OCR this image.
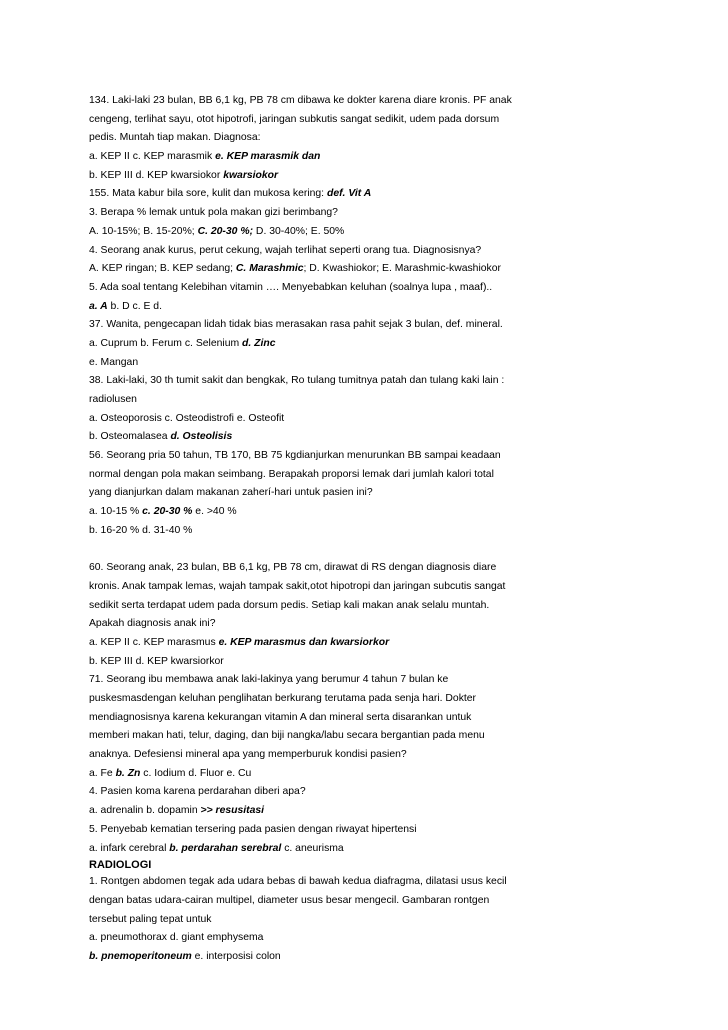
134. Laki-laki 23 bulan, BB 6,1 kg, PB 78 cm dibawa ke dokter karena diare kronis. PF anak
cengeng, terlihat sayu, otot hipotrofi, jaringan subkutis sangat sedikit, udem pada dorsum
pedis. Muntah tiap makan. Diagnosa:
a. KEP II c. KEP marasmik e. KEP marasmik dan
b. KEP III d. KEP kwarsiokor kwarsiokor
155. Mata kabur bila sore, kulit dan mukosa kering: def. Vit A
3. Berapa % lemak untuk pola makan gizi berimbang?
A. 10-15%; B. 15-20%; C. 20-30 %; D. 30-40%; E. 50%
4. Seorang anak kurus, perut cekung, wajah terlihat seperti orang tua. Diagnosisnya?
A. KEP ringan; B. KEP sedang; C. Marashmic; D. Kwashiokor; E. Marashmic-kwashiokor
5. Ada soal tentang Kelebihan vitamin …. Menyebabkan keluhan (soalnya lupa , maaf)..
a. A b. D c. E d.
37. Wanita, pengecapan lidah tidak bias merasakan rasa pahit sejak 3 bulan, def. mineral.
a. Cuprum b. Ferum c. Selenium d. Zinc
e. Mangan
38. Laki-laki, 30 th tumit sakit dan bengkak, Ro tulang tumitnya patah dan tulang kaki lain :
radiolusen
a. Osteoporosis c. Osteodistrofi e. Osteofit
b. Osteomalasea d. Osteolisis
56. Seorang pria 50 tahun, TB 170, BB 75 kgdianjurkan menurunkan BB sampai keadaan
normal dengan pola makan seimbang. Berapakah proporsi lemak dari jumlah kalori total
yang dianjurkan dalam makanan zaherí-hari untuk pasien ini?
a. 10-15 % c. 20-30 % e. >40 %
b. 16-20 % d. 31-40 %
60. Seorang anak, 23 bulan, BB 6,1 kg, PB 78 cm, dirawat di RS dengan diagnosis diare
kronis. Anak tampak lemas, wajah tampak sakit,otot hipotropi dan jaringan subcutis sangat
sedikit serta terdapat udem pada dorsum pedis. Setiap kali makan anak selalu muntah.
Apakah diagnosis anak ini?
a. KEP II c. KEP marasmus e. KEP marasmus dan kwarsiorkor
b. KEP III d. KEP kwarsiorkor
71. Seorang ibu membawa anak laki-lakinya yang berumur 4 tahun 7 bulan ke
puskesmasdengan keluhan penglihatan berkurang terutama pada senja hari. Dokter
mendiagnosisnya karena kekurangan vitamin A dan mineral serta disarankan untuk
memberi makan hati, telur, daging, dan biji nangka/labu secara bergantian pada menu
anaknya. Defesiensi mineral apa yang memperburuk kondisi pasien?
a. Fe b. Zn c. Iodium d. Fluor e. Cu
4. Pasien koma karena perdarahan diberi apa?
a. adrenalin b. dopamin >> resusitasi
5. Penyebab kematian tersering pada pasien dengan riwayat hipertensi
a. infark cerebral b. perdarahan serebral c. aneurisma
RADIOLOGI
1. Rontgen abdomen tegak ada udara bebas di bawah kedua diafragma, dilatasi usus kecil
dengan batas udara-cairan multipel, diameter usus besar mengecil. Gambaran rontgen
tersebut paling tepat untuk
a. pneumothorax d. giant emphysema
b. pnemoperitoneum e. interposisi colon
